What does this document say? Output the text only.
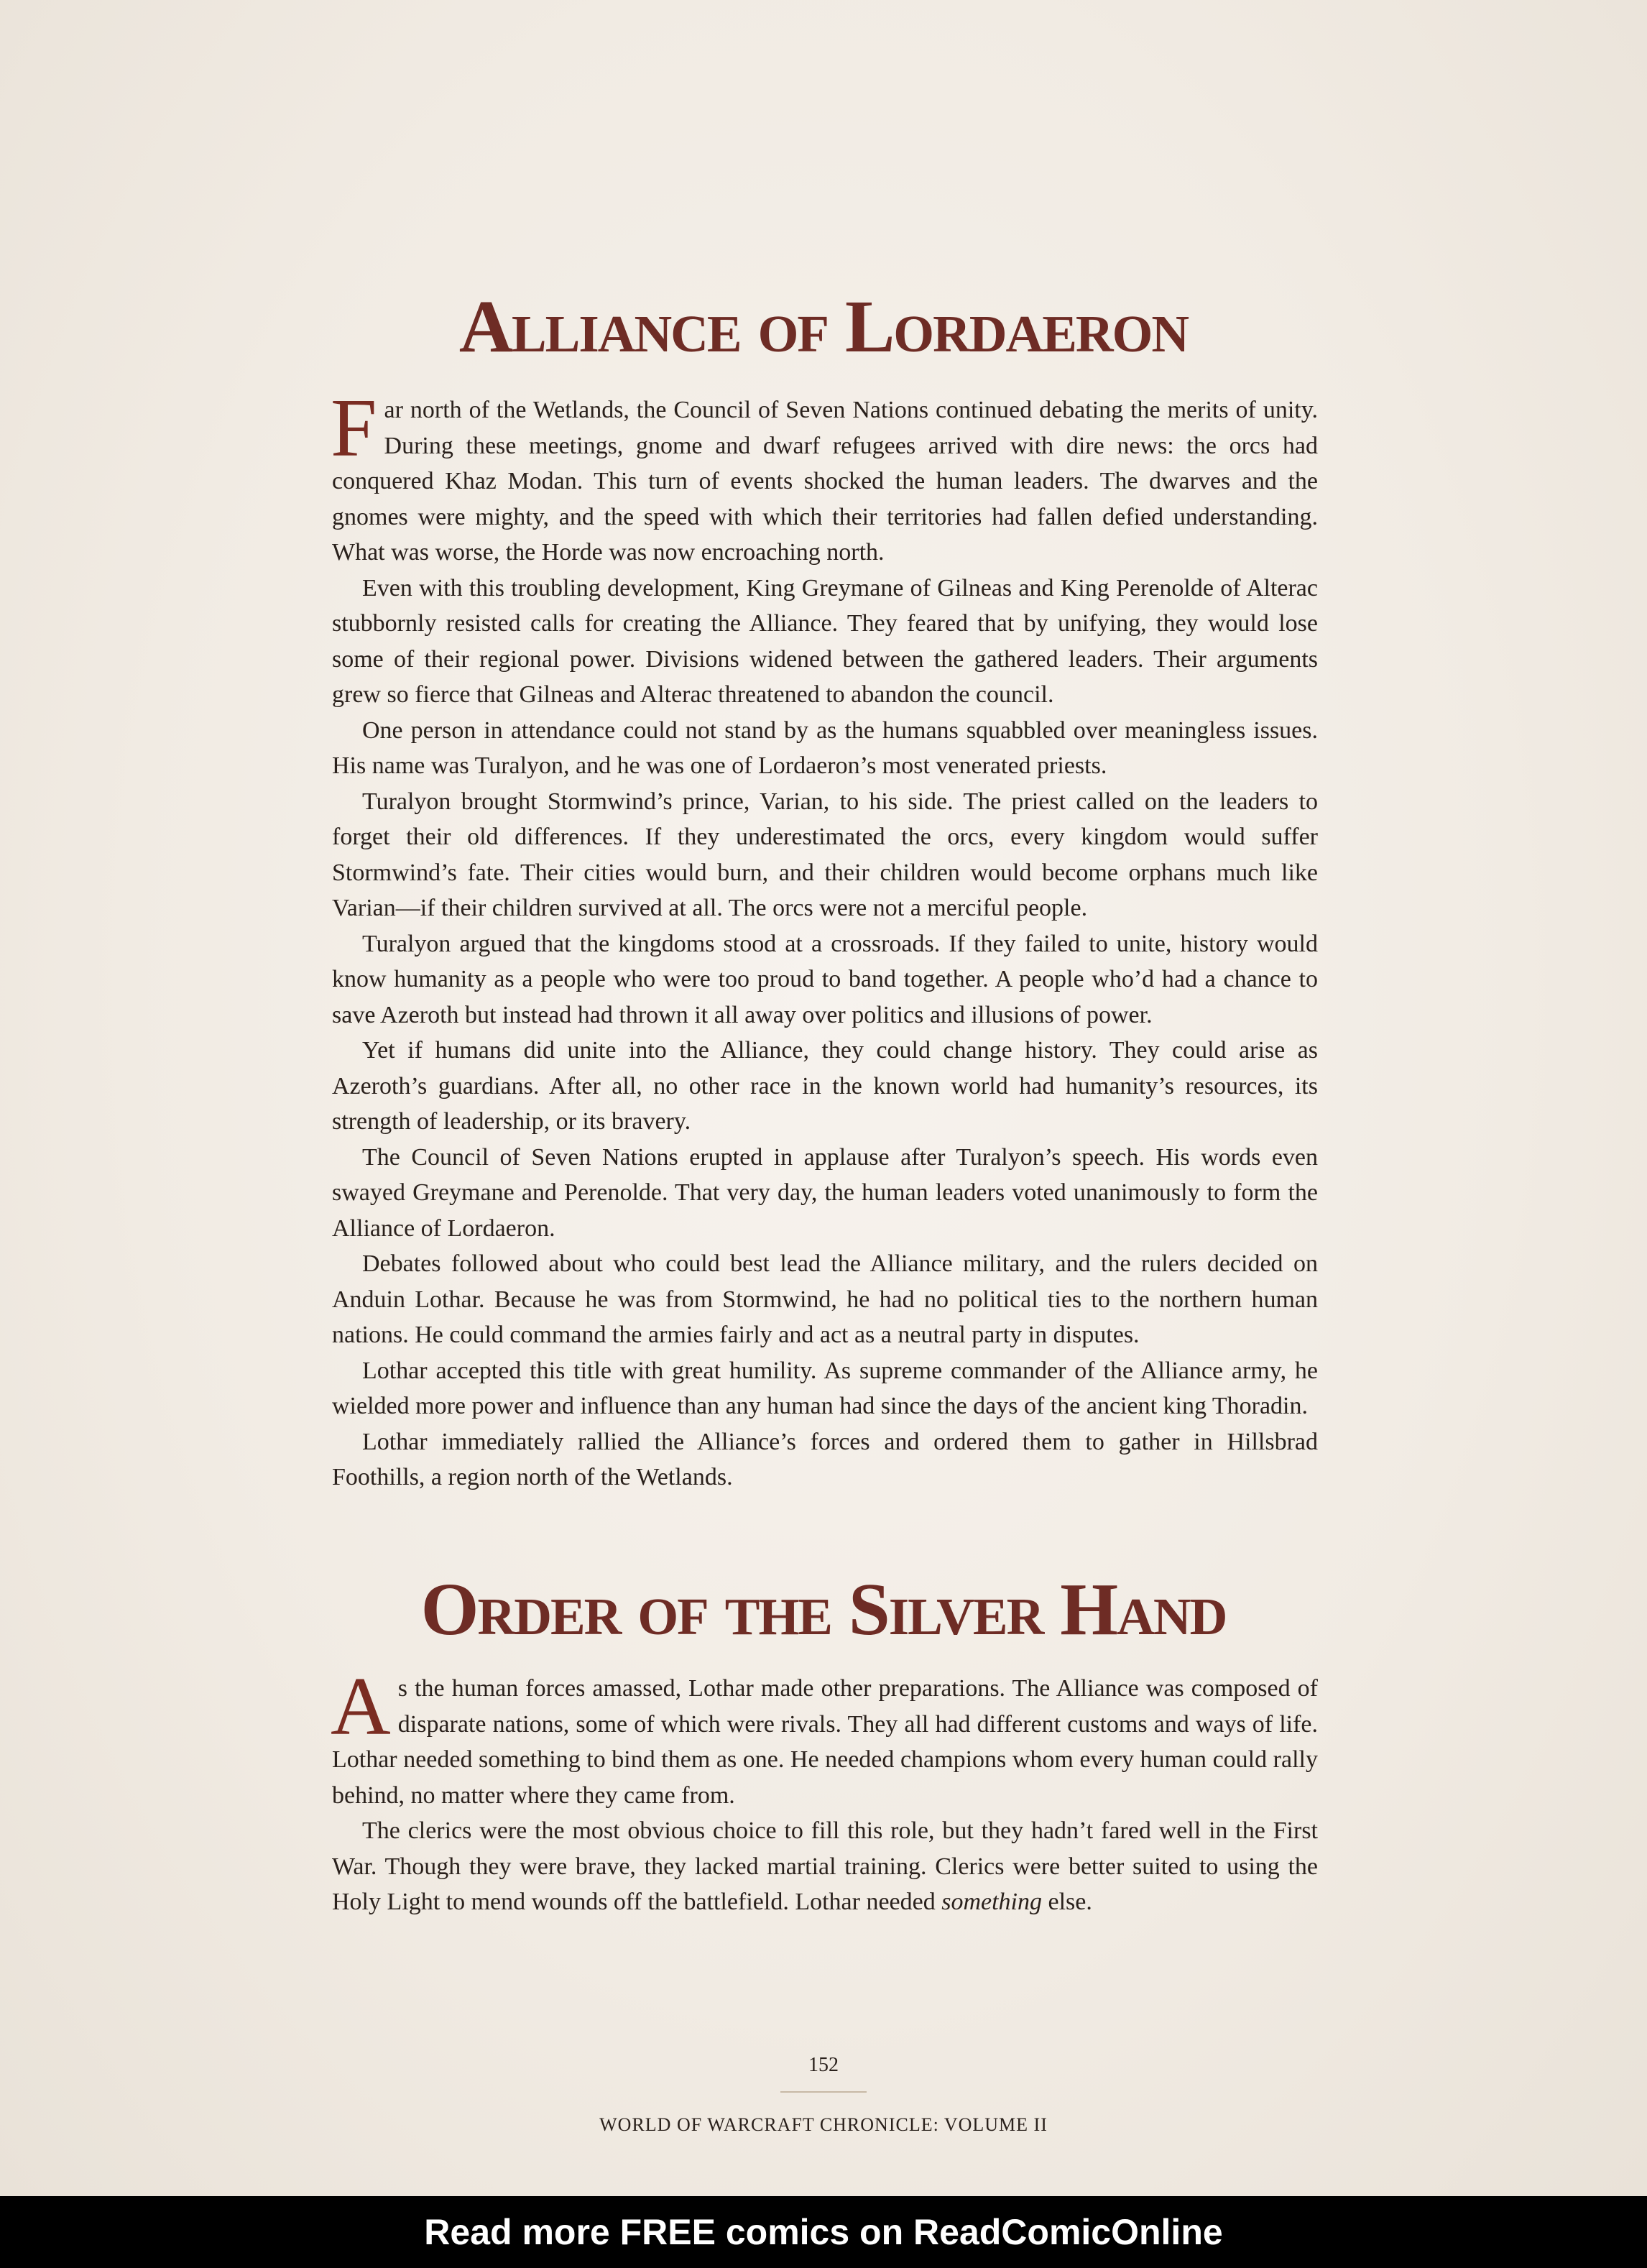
Alliance of Lordaeron

Far north of the Wetlands, the Council of Seven Nations continued debating the merits of unity. During these meetings, gnome and dwarf refugees arrived with dire news: the orcs had conquered Khaz Modan. This turn of events shocked the human leaders. The dwarves and the gnomes were mighty, and the speed with which their territories had fallen defied understanding. What was worse, the Horde was now encroaching north.

Even with this troubling development, King Greymane of Gilneas and King Perenolde of Alterac stubbornly resisted calls for creating the Alliance. They feared that by unifying, they would lose some of their regional power. Divisions widened between the gathered leaders. Their arguments grew so fierce that Gilneas and Alterac threatened to abandon the council.

One person in attendance could not stand by as the humans squabbled over meaningless issues. His name was Turalyon, and he was one of Lordaeron’s most venerated priests.

Turalyon brought Stormwind’s prince, Varian, to his side. The priest called on the leaders to forget their old differences. If they underestimated the orcs, every kingdom would suffer Stormwind’s fate. Their cities would burn, and their children would become orphans much like Varian—if their children survived at all. The orcs were not a merciful people.

Turalyon argued that the kingdoms stood at a crossroads. If they failed to unite, history would know humanity as a people who were too proud to band together. A people who’d had a chance to save Azeroth but instead had thrown it all away over politics and illusions of power.

Yet if humans did unite into the Alliance, they could change history. They could arise as Azeroth’s guardians. After all, no other race in the known world had humanity’s resources, its strength of leadership, or its bravery.

The Council of Seven Nations erupted in applause after Turalyon’s speech. His words even swayed Greymane and Perenolde. That very day, the human leaders voted unanimously to form the Alliance of Lordaeron.

Debates followed about who could best lead the Alliance military, and the rulers decided on Anduin Lothar. Because he was from Stormwind, he had no political ties to the northern human nations. He could command the armies fairly and act as a neutral party in disputes.

Lothar accepted this title with great humility. As supreme commander of the Alliance army, he wielded more power and influence than any human had since the days of the ancient king Thoradin.

Lothar immediately rallied the Alliance’s forces and ordered them to gather in Hillsbrad Foothills, a region north of the Wetlands.

Order of the Silver Hand

As the human forces amassed, Lothar made other preparations. The Alliance was composed of disparate nations, some of which were rivals. They all had different customs and ways of life. Lothar needed something to bind them as one. He needed champions whom every human could rally behind, no matter where they came from.

The clerics were the most obvious choice to fill this role, but they hadn’t fared well in the First War. Though they were brave, they lacked martial training. Clerics were better suited to using the Holy Light to mend wounds off the battlefield. Lothar needed something else.

152
WORLD OF WARCRAFT CHRONICLE: VOLUME II
Read more FREE comics on ReadComicOnline
